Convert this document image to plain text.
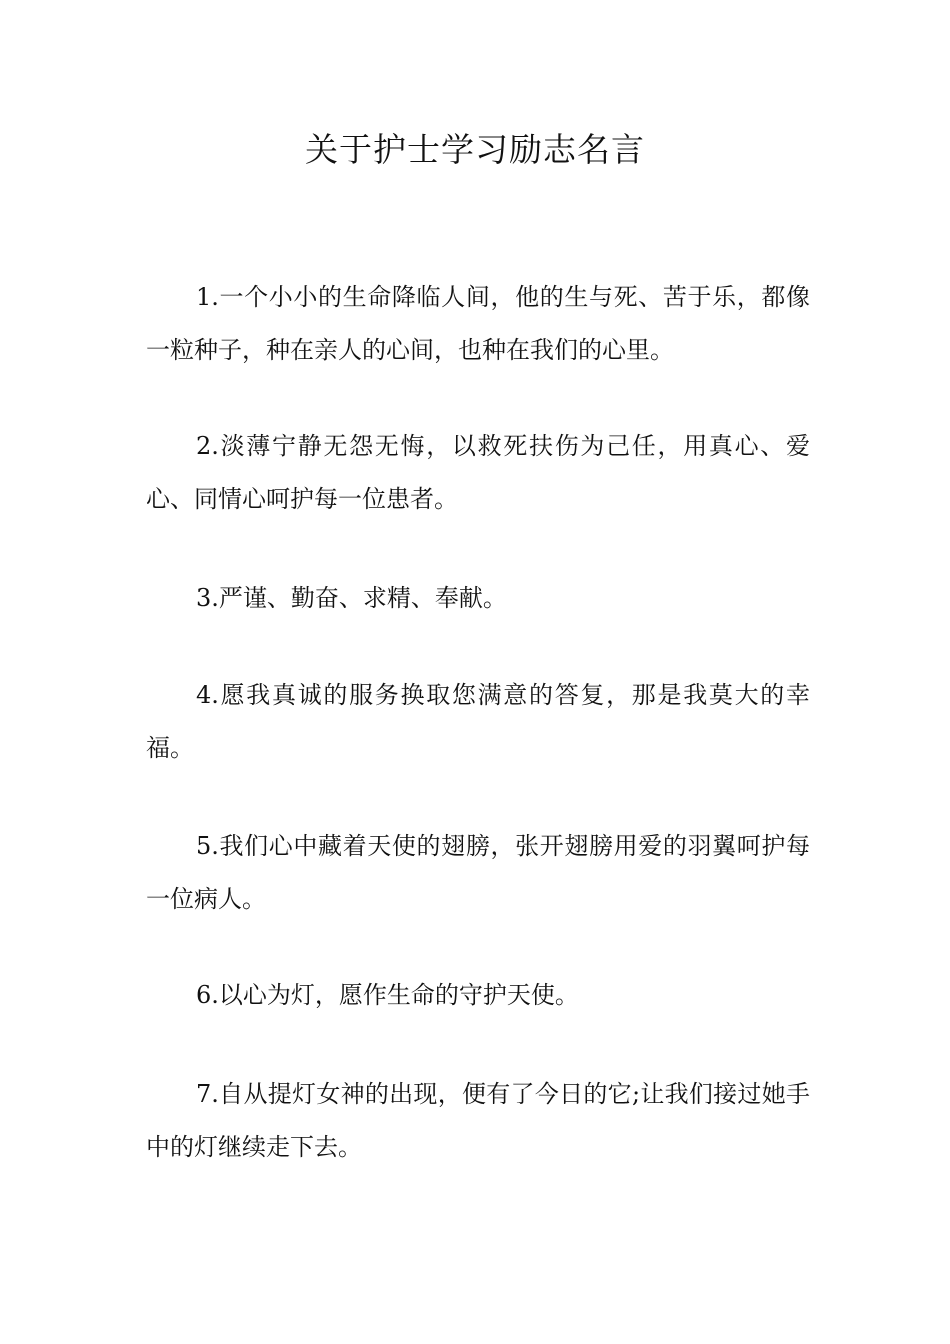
关于护士学习励志名言

1.一个小小的生命降临人间，他的生与死、苦于乐，都像一粒种子，种在亲人的心间，也种在我们的心里。

2.淡薄宁静无怨无悔，以救死扶伤为己任，用真心、爱心、同情心呵护每一位患者。

3.严谨、勤奋、求精、奉献。

4.愿我真诚的服务换取您满意的答复，那是我莫大的幸福。

5.我们心中藏着天使的翅膀，张开翅膀用爱的羽翼呵护每一位病人。

6.以心为灯，愿作生命的守护天使。

7.自从提灯女神的出现，便有了今日的它;让我们接过她手中的灯继续走下去。
